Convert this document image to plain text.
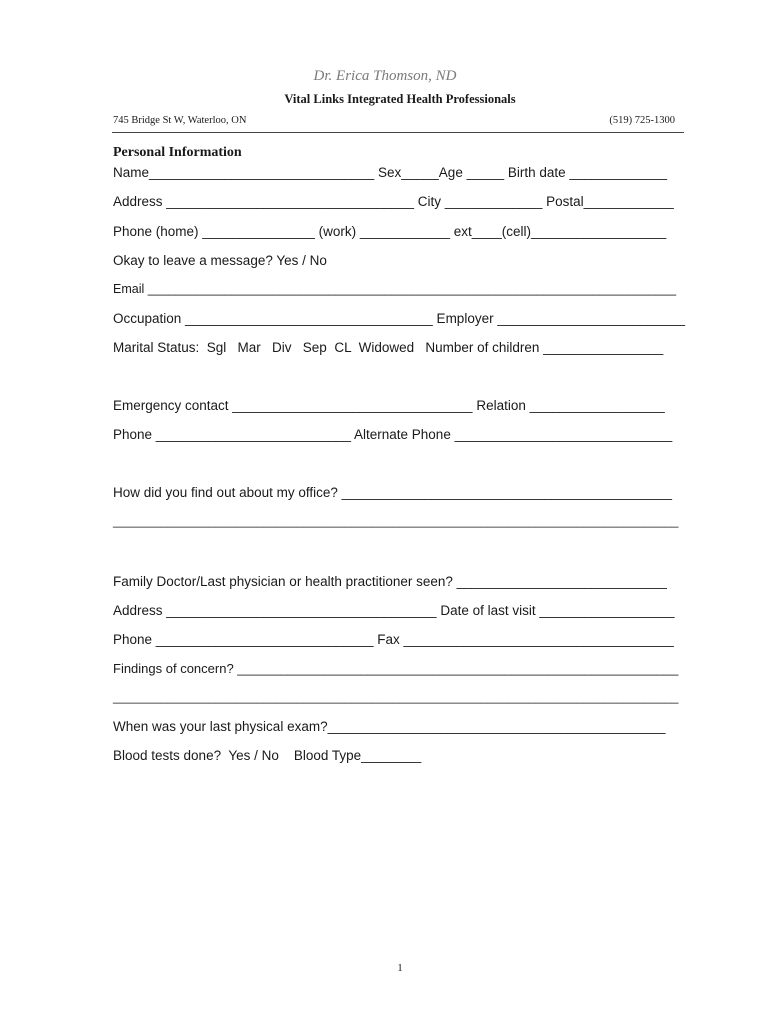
Dr. Erica Thomson, ND
Vital Links Integrated Health Professionals
745 Bridge St W, Waterloo, ON	(519) 725-1300
Personal Information
Name______________________________ Sex_____Age _____ Birth date _____________
Address _________________________________ City _____________ Postal____________
Phone (home) _______________ (work) ____________ ext____(cell)__________________
Okay to leave a message? Yes / No
Email ____________________________________________________________________________
Occupation _________________________________ Employer _________________________
Marital Status:  Sgl   Mar   Div   Sep  CL  Widowed   Number of children ________________
Emergency contact ________________________________ Relation __________________
Phone __________________________ Alternate Phone _____________________________
How did you find out about my office? ____________________________________________
___________________________________________________________________________________
Family Doctor/Last physician or health practitioner seen? ____________________________
Address ____________________________________ Date of last visit __________________
Phone _____________________________ Fax ____________________________________
Findings of concern? _____________________________________________________________
___________________________________________________________________________________
When was your last physical exam?_____________________________________________
Blood tests done?  Yes / No    Blood Type________
1
